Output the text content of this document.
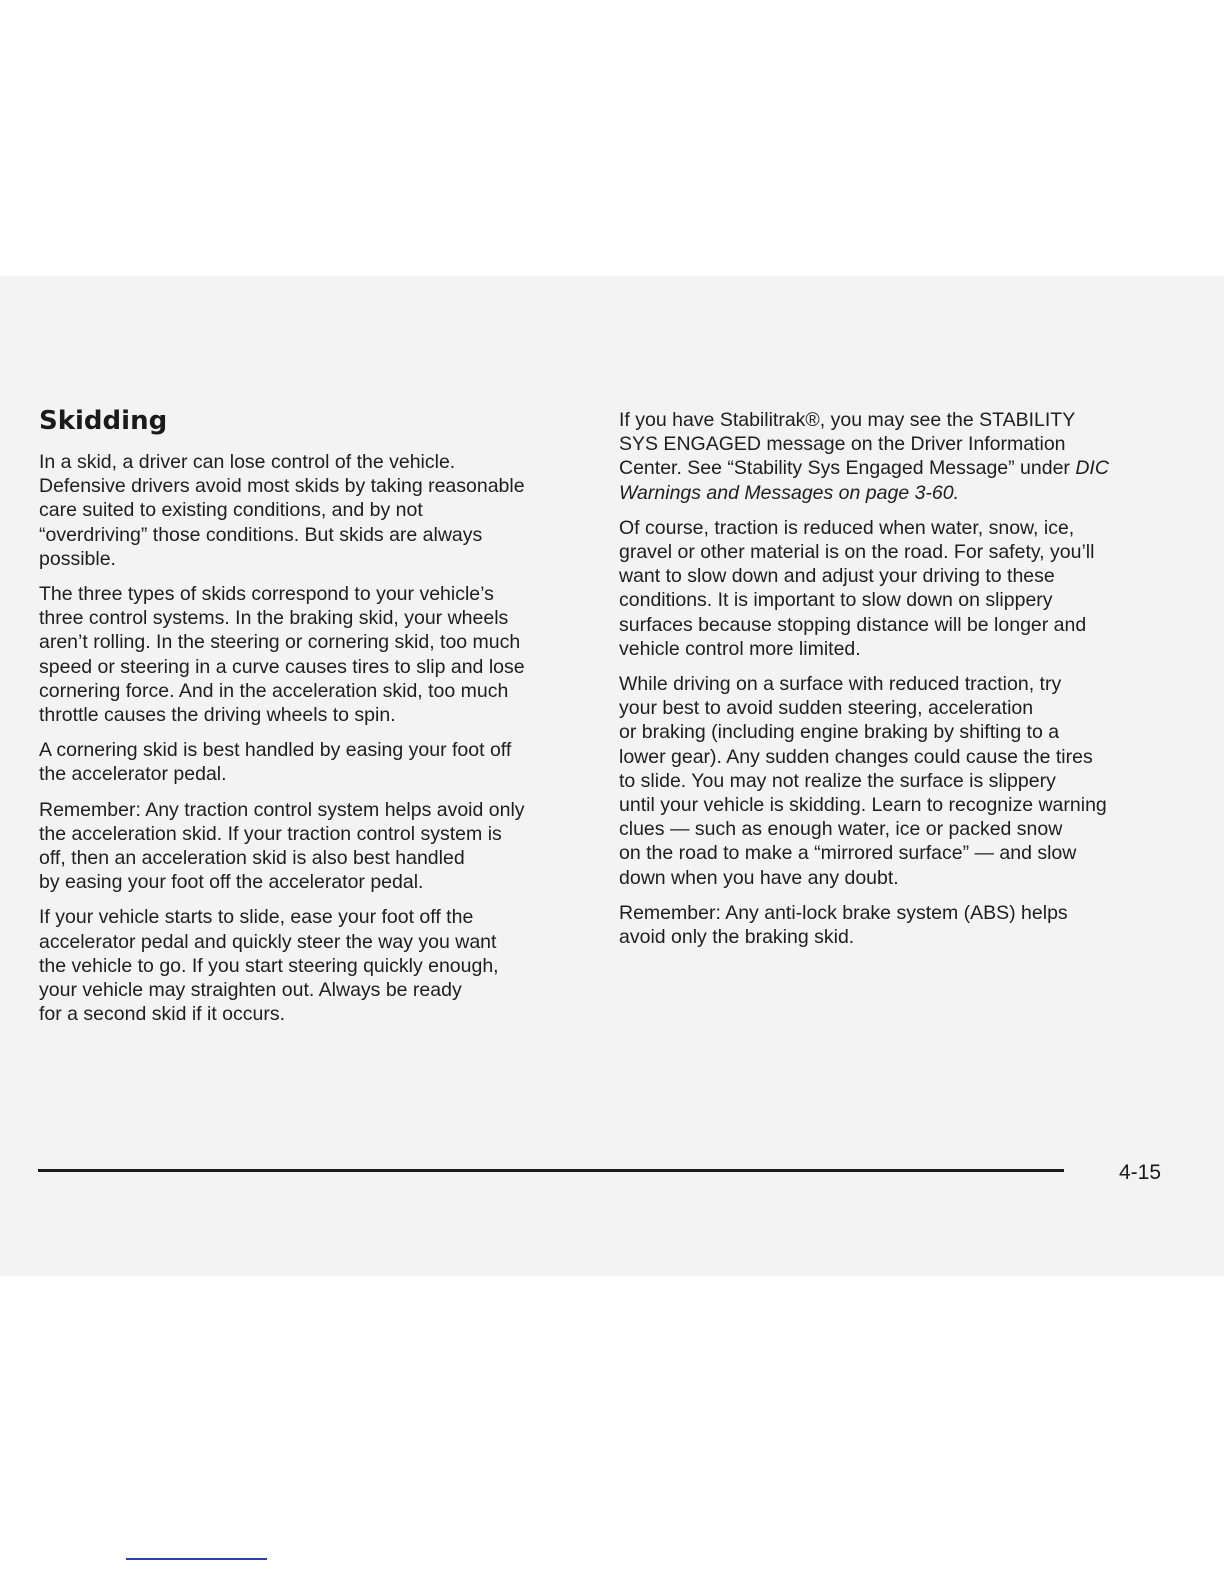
Skidding

In a skid, a driver can lose control of the vehicle.
Defensive drivers avoid most skids by taking reasonable
care suited to existing conditions, and by not
“overdriving” those conditions. But skids are always
possible.

The three types of skids correspond to your vehicle’s
three control systems. In the braking skid, your wheels
aren’t rolling. In the steering or cornering skid, too much
speed or steering in a curve causes tires to slip and lose
cornering force. And in the acceleration skid, too much
throttle causes the driving wheels to spin.

A cornering skid is best handled by easing your foot off
the accelerator pedal.

Remember: Any traction control system helps avoid only
the acceleration skid. If your traction control system is
off, then an acceleration skid is also best handled
by easing your foot off the accelerator pedal.

If your vehicle starts to slide, ease your foot off the
accelerator pedal and quickly steer the way you want
the vehicle to go. If you start steering quickly enough,
your vehicle may straighten out. Always be ready
for a second skid if it occurs.

If you have Stabilitrak®, you may see the STABILITY
SYS ENGAGED message on the Driver Information
Center. See “Stability Sys Engaged Message” under DIC
Warnings and Messages on page 3-60.

Of course, traction is reduced when water, snow, ice,
gravel or other material is on the road. For safety, you’ll
want to slow down and adjust your driving to these
conditions. It is important to slow down on slippery
surfaces because stopping distance will be longer and
vehicle control more limited.

While driving on a surface with reduced traction, try
your best to avoid sudden steering, acceleration
or braking (including engine braking by shifting to a
lower gear). Any sudden changes could cause the tires
to slide. You may not realize the surface is slippery
until your vehicle is skidding. Learn to recognize warning
clues — such as enough water, ice or packed snow
on the road to make a “mirrored surface” — and slow
down when you have any doubt.

Remember: Any anti-lock brake system (ABS) helps
avoid only the braking skid.

4-15
